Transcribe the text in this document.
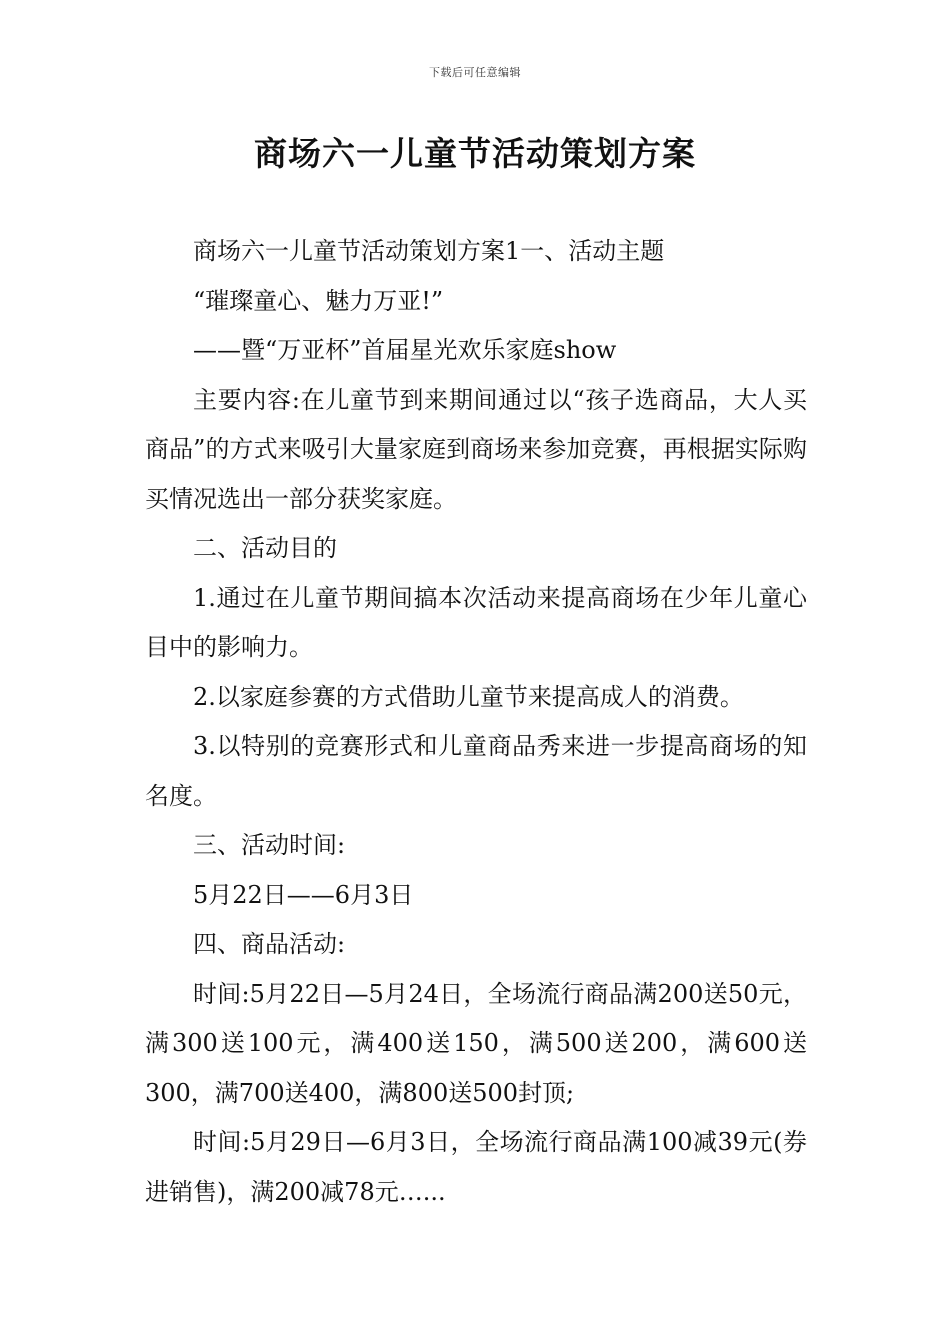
下载后可任意编辑
商场六一儿童节活动策划方案

商场六一儿童节活动策划方案1一、活动主题

“璀璨童心、魅力万亚!”

——暨“万亚杯”首届星光欢乐家庭show

主要内容:在儿童节到来期间通过以“孩子选商品，大人买商品”的方式来吸引大量家庭到商场来参加竞赛，再根据实际购买情况选出一部分获奖家庭。

二、活动目的

1.通过在儿童节期间搞本次活动来提高商场在少年儿童心目中的影响力。

2.以家庭参赛的方式借助儿童节来提高成人的消费。

3.以特别的竞赛形式和儿童商品秀来进一步提高商场的知名度。

三、活动时间:

5月22日——6月3日

四、商品活动:

时间:5月22日—5月24日，全场流行商品满200送50元，满300送100元，满400送150，满500送200，满600送300，满700送400，满800送500封顶;

时间:5月29日—6月3日，全场流行商品满100减39元(券进销售)，满200减78元…...
